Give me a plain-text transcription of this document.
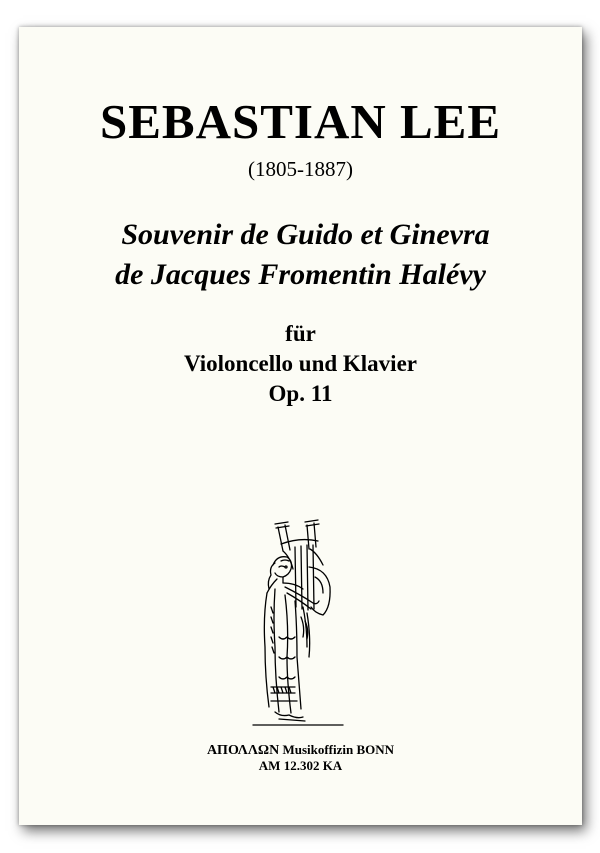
SEBASTIAN LEE
(1805-1887)
Souvenir de Guido et Ginevra
de Jacques Fromentin Halévy
für
Violoncello und Klavier
Op. 11
ΑΠΟΛΛΩΝ Musikoffizin BONN
AM 12.302 KA
